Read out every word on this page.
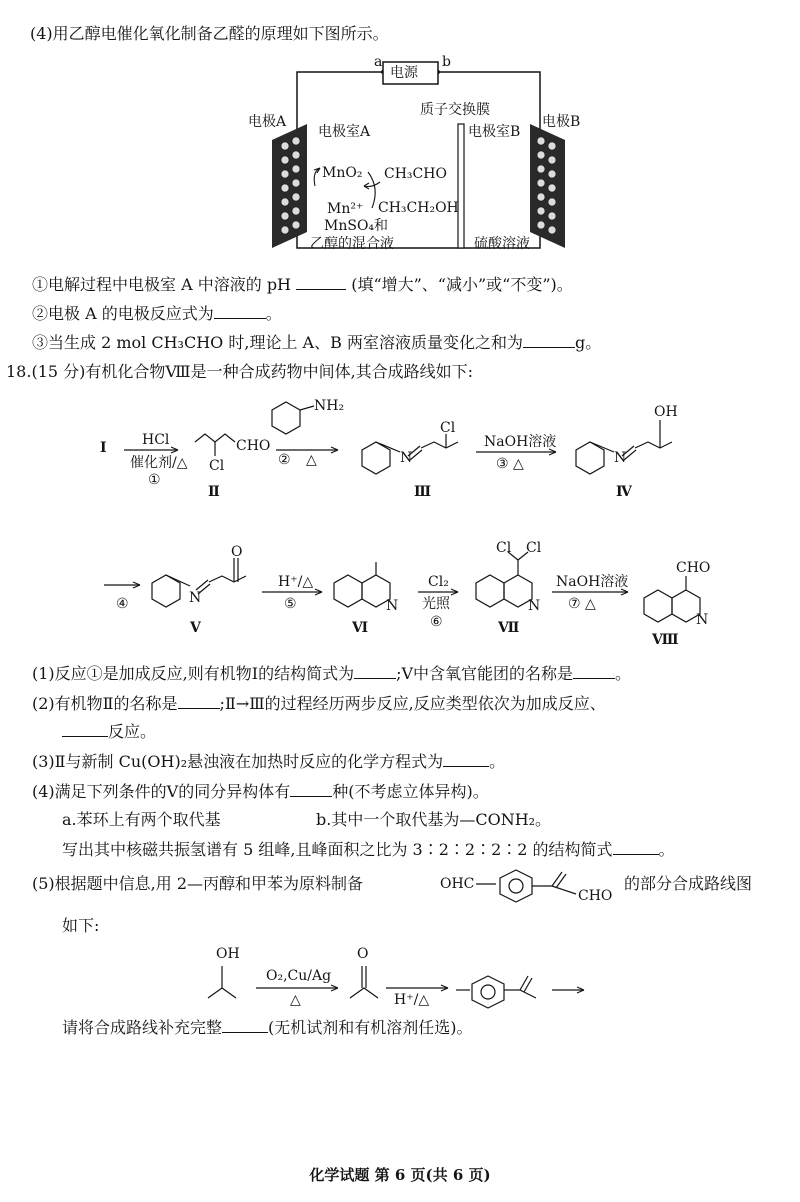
(4)用乙醇电催化氧化制备乙醛的原理如下图所示。
a	b
电源
电极A
电极室A
质子交换膜
电极室B
电极B
MnO₂ CH₃CHO
Mn²⁺ CH₃CH₂OH
MnSO₄和
乙醇的混合液	硫酸溶液
①电解过程中电极室 A 中溶液的 pH	(填“增大”、“减小”或“不变”)。
②电极 A 的电极反应式为	。
③当生成 2 mol CH₃CHO 时,理论上 A、B 两室溶液质量变化之和为	g。
18.(15 分)有机化合物Ⅷ是一种合成药物中间体,其合成路线如下:
Ⅰ	HCl
催化剂/△
①
CHO
Cl
Ⅱ
NH₂
② △	N
Cl
Ⅲ
NaOH溶液
③ △	N
OH
Ⅳ
④	N
O
Ⅴ
H⁺/△
⑤	N
Ⅵ
Cl₂
光照
⑥
Cl Cl
N
Ⅶ
NaOH溶液
⑦ △
CHO
N
Ⅷ
(1)反应①是加成反应,则有机物Ⅰ的结构简式为	;Ⅴ中含氧官能团的名称是	。
(2)有机物Ⅱ的名称是	;Ⅱ→Ⅲ的过程经历两步反应,反应类型依次为加成反应、
反应。
(3)Ⅱ与新制 Cu(OH)₂悬浊液在加热时反应的化学方程式为	。
(4)满足下列条件的Ⅴ的同分异构体有	种(不考虑立体异构)。
a.苯环上有两个取代基	b.其中一个取代基为—CONH₂。
写出其中核磁共振氢谱有 5 组峰,且峰面积之比为 3∶2∶2∶2∶2 的结构简式	。
(5)根据题中信息,用 2—丙醇和甲苯为原料制备	OHC
CHO
的部分合成路线图
如下:
OH
O₂,Cu/Ag
△
O
H⁺/△
请将合成路线补充完整	(无机试剂和有机溶剂任选)。
化学试题 第 6 页(共 6 页)
